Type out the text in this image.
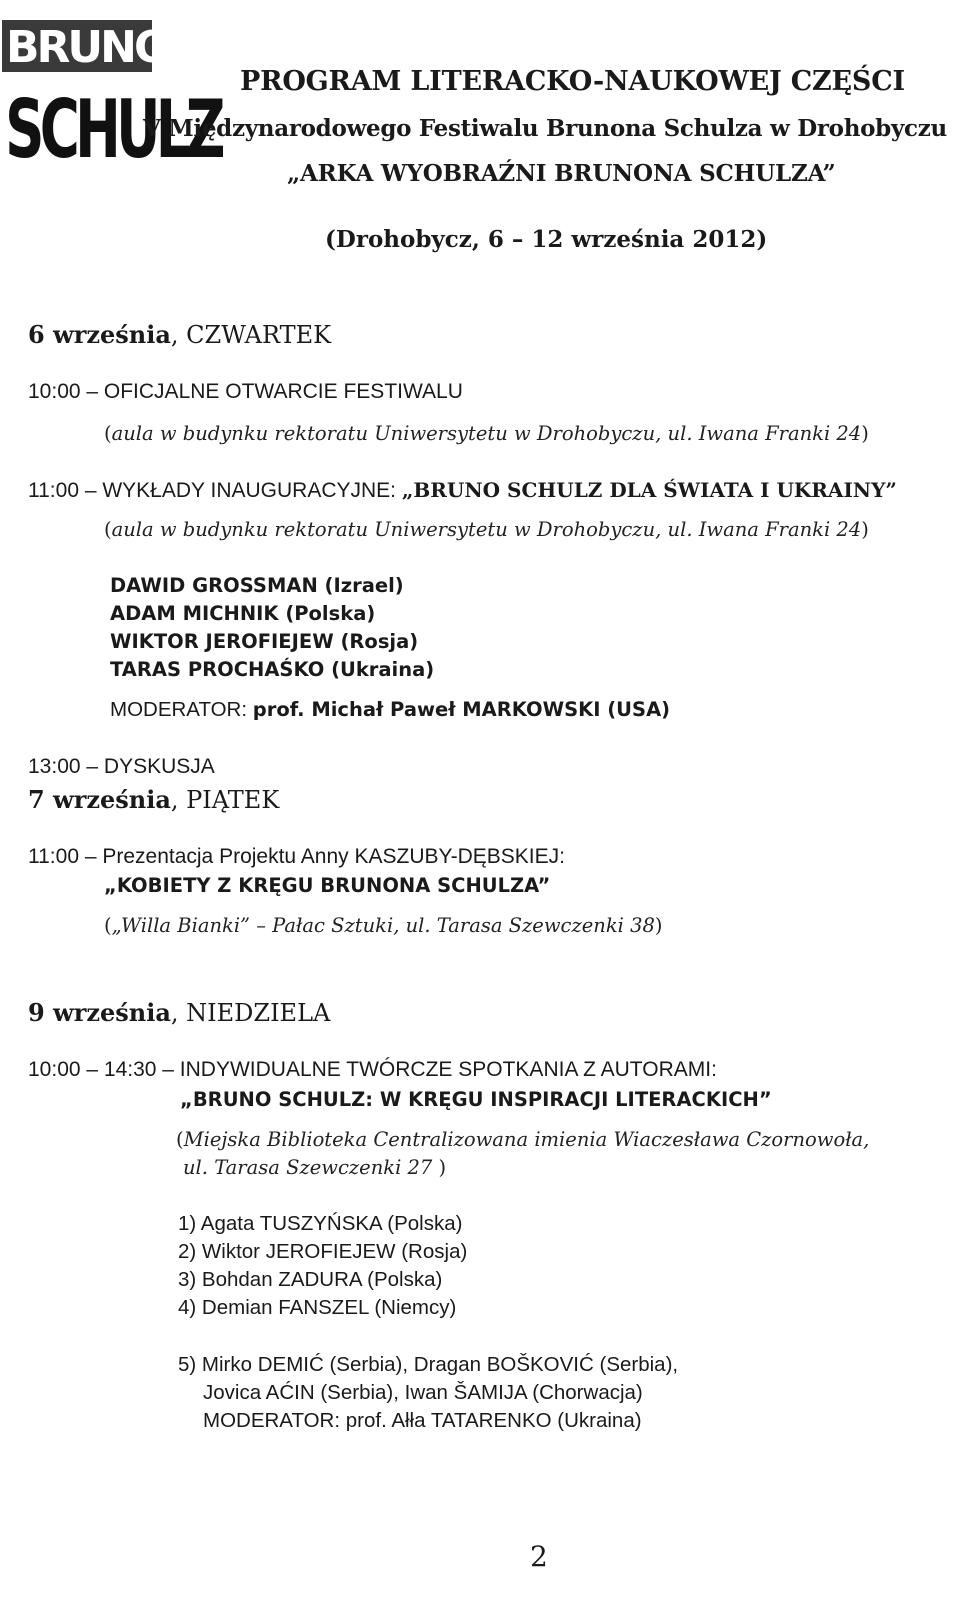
BRUNO
SCHULZ
PROGRAM LITERACKO-NAUKOWEJ CZĘŚCI
V Międzynarodowego Festiwalu Brunona Schulza w Drohobyczu
„ARKA WYOBRAŹNI BRUNONA SCHULZA”
(Drohobycz, 6 – 12 września 2012)
6 września, CZWARTEK
10:00 – OFICJALNE OTWARCIE FESTIWALU
(aula w budynku rektoratu Uniwersytetu w Drohobyczu, ul. Iwana Franki 24)
11:00 – WYKŁADY INAUGURACYJNE: „BRUNO SCHULZ DLA ŚWIATA I UKRAINY”
(aula w budynku rektoratu Uniwersytetu w Drohobyczu, ul. Iwana Franki 24)
DAWID GROSSMAN (Izrael)
ADAM MICHNIK (Polska)
WIKTOR JEROFIEJEW (Rosja)
TARAS PROCHAŚKO (Ukraina)
MODERATOR: prof. Michał Paweł MARKOWSKI (USA)
13:00 – DYSKUSJA
7 września, PIĄTEK
11:00 – Prezentacja Projektu Anny KASZUBY-DĘBSKIEJ:
„KOBIETY Z KRĘGU BRUNONA SCHULZA”
(„Willa Bianki” – Pałac Sztuki, ul. Tarasa Szewczenki 38)
9 września, NIEDZIELA
10:00 – 14:30 – INDYWIDUALNE TWÓRCZE SPOTKANIA Z AUTORAMI:
„BRUNO SCHULZ: W KRĘGU INSPIRACJI LITERACKICH”
(Miejska Biblioteka Centralizowana imienia Wiaczesława Czornowoła,
ul. Tarasa Szewczenki 27 )
1) Agata TUSZYŃSKA (Polska)
2) Wiktor JEROFIEJEW (Rosja)
3) Bohdan ZADURA (Polska)
4) Demian FANSZEL (Niemcy)
5) Mirko DEMIĆ (Serbia), Dragan BOŠKOVIĆ (Serbia),
Jovica AĆIN (Serbia), Iwan ŠAMIJA (Chorwacja)
MODERATOR: prof. Ałła TATARENKO (Ukraina)
2
